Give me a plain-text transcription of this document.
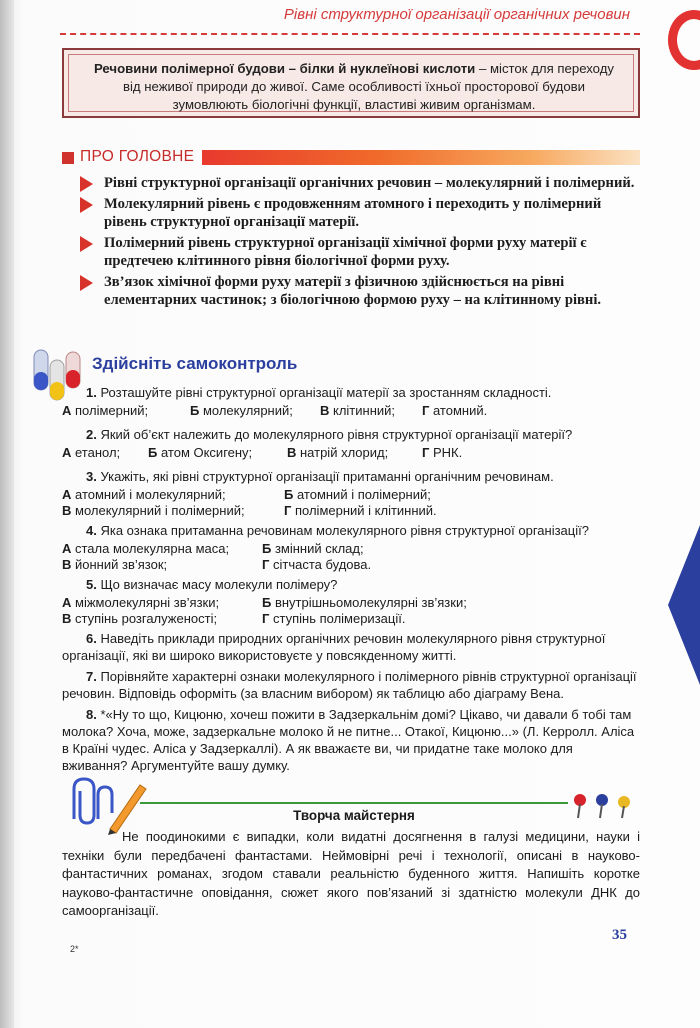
Рівні структурної організації органічних речовин
Речовини полімерної будови – білки й нуклеїнові кислоти – місток для переходу від неживої природи до живої. Саме особливості їхньої просторової будови зумовлюють біологічні функції, властиві живим організмам.
ПРО ГОЛОВНЕ
Рівні структурної організації органічних речовин – молекулярний і полімерний.
Молекулярний рівень є продовженням атомного і переходить у полімерний рівень структурної організації матерії.
Полімерний рівень структурної організації хімічної форми руху матерії є предтечею клітинного рівня біологічної форми руху.
Зв’язок хімічної форми руху матерії з фізичною здійснюється на рівні елементарних частинок; з біологічною формою руху – на клітинному рівні.
Здійсніть самоконтроль
1. Розташуйте рівні структурної організації матерії за зростанням складності.
А полімерний;	Б молекулярний; В клітинний; Г атомний.
2. Який об’єкт належить до молекулярного рівня структурної організації матерії?
А етанол; Б атом Оксигену;	В натрій хлорид;	Г РНК.
3. Укажіть, які рівні структурної організації притаманні органічним речовинам.
А атомний і молекулярний;	Б атомний і полімерний;
В молекулярний і полімерний;	Г полімерний і клітинний.
4. Яка ознака притаманна речовинам молекулярного рівня структурної організації?
А стала молекулярна маса;	Б змінний склад;
В йонний зв’язок;	Г сітчаста будова.
5. Що визначає масу молекули полімеру?
А міжмолекулярні зв’язки;	Б внутрішньомолекулярні зв’язки;
В ступінь розгалуженості;	Г ступінь полімеризації.
6. Наведіть приклади природних органічних речовин молекулярного рівня структурної організації, які ви широко використовуєте у повсякденному житті.
7. Порівняйте характерні ознаки молекулярного і полімерного рівнів структурної організації речовин. Відповідь оформіть (за власним вибором) як таблицю або діаграму Вена.
8. *«Ну то що, Кицюню, хочеш пожити в Задзеркальнім домі? Цікаво, чи давали б тобі там молока? Хоча, може, задзеркальне молоко й не питне... Отакої, Кицюню...» (Л. Керролл. Аліса в Країні чудес. Аліса у Задзеркаллі). А як вважаєте ви, чи придатне таке молоко для вживання? Аргументуйте вашу думку.
Творча майстерня
Не поодинокими є випадки, коли видатні досягнення в галузі медицини, науки і техніки були передбачені фантастами. Неймовірні речі і технології, описані в науково-фантастичних романах, згодом ставали реальністю буденного життя. Напишіть коротке науково-фантастичне оповідання, сюжет якого пов’язаний зі здатністю молекули ДНК до самоорганізації.
35
2*
